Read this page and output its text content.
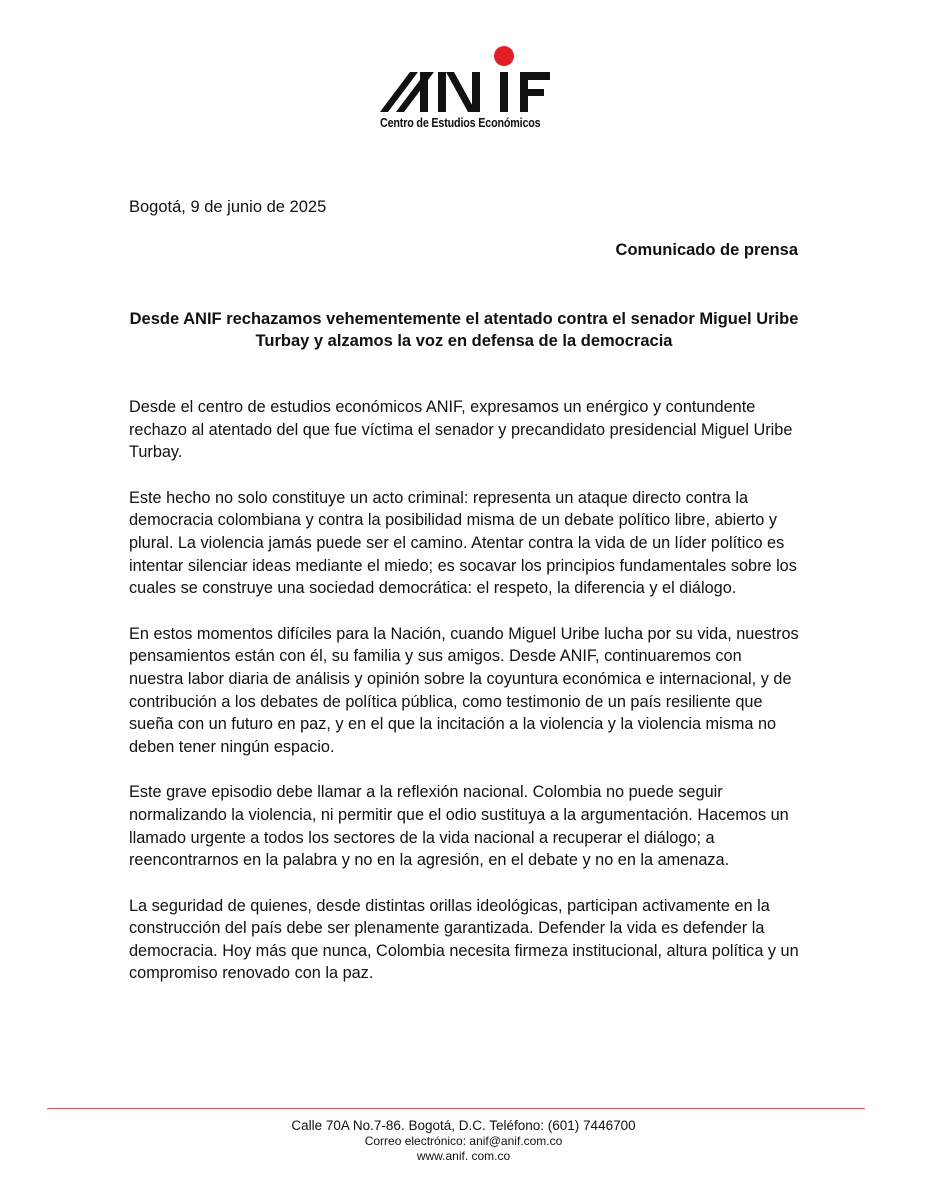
Centro de Estudios Económicos
Bogotá, 9 de junio de 2025
Comunicado de prensa
Desde ANIF rechazamos vehementemente el atentado contra el senador Miguel Uribe Turbay y alzamos la voz en defensa de la democracia

Desde el centro de estudios económicos ANIF, expresamos un enérgico y contundente rechazo al atentado del que fue víctima el senador y precandidato presidencial Miguel Uribe Turbay.

Este hecho no solo constituye un acto criminal: representa un ataque directo contra la democracia colombiana y contra la posibilidad misma de un debate político libre, abierto y plural. La violencia jamás puede ser el camino. Atentar contra la vida de un líder político es intentar silenciar ideas mediante el miedo; es socavar los principios fundamentales sobre los cuales se construye una sociedad democrática: el respeto, la diferencia y el diálogo.

En estos momentos difíciles para la Nación, cuando Miguel Uribe lucha por su vida, nuestros pensamientos están con él, su familia y sus amigos. Desde ANIF, continuaremos con nuestra labor diaria de análisis y opinión sobre la coyuntura económica e internacional, y de contribución a los debates de política pública, como testimonio de un país resiliente que sueña con un futuro en paz, y en el que la incitación a la violencia y la violencia misma no deben tener ningún espacio.

Este grave episodio debe llamar a la reflexión nacional. Colombia no puede seguir normalizando la violencia, ni permitir que el odio sustituya a la argumentación. Hacemos un llamado urgente a todos los sectores de la vida nacional a recuperar el diálogo; a reencontrarnos en la palabra y no en la agresión, en el debate y no en la amenaza.

La seguridad de quienes, desde distintas orillas ideológicas, participan activamente en la construcción del país debe ser plenamente garantizada. Defender la vida es defender la democracia. Hoy más que nunca, Colombia necesita firmeza institucional, altura política y un compromiso renovado con la paz.

Calle 70A No.7-86. Bogotá, D.C. Teléfono: (601) 7446700
Correo electrónico: anif@anif.com.co
www.anif. com.co
